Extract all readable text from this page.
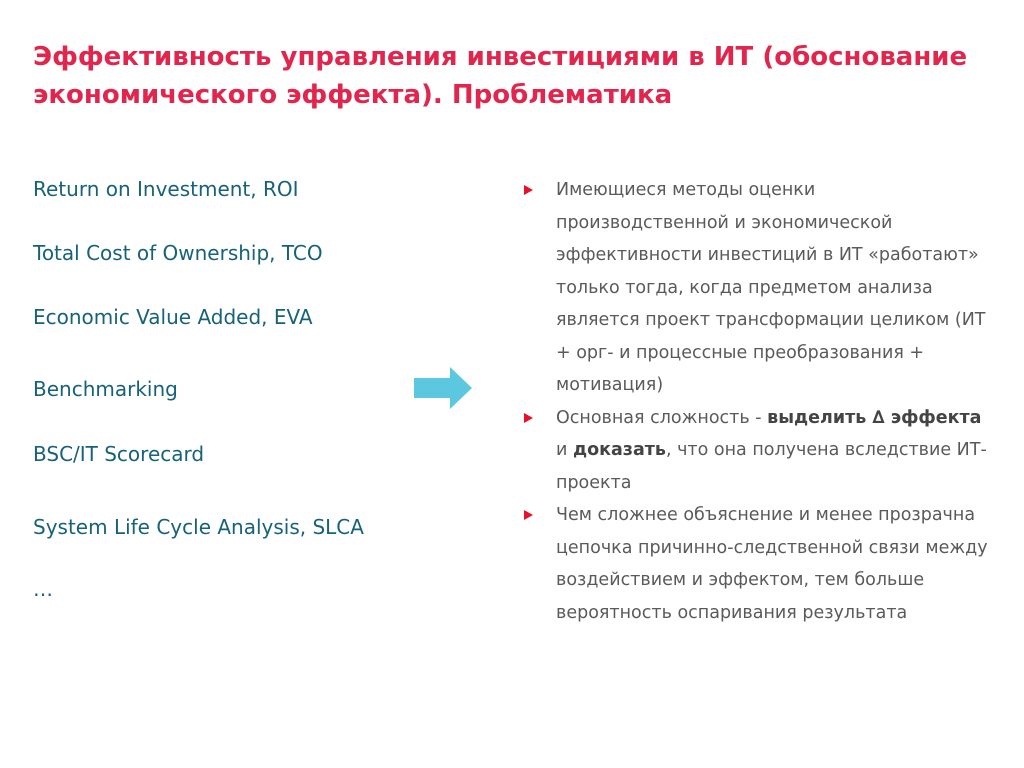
Эффективность управления инвестициями в ИТ (обоснование экономического эффекта). Проблематика
Return on Investment, ROI
Total Cost of Ownership, TCO
Economic Value Added, EVA
Benchmarking
BSC/IT Scorecard
System Life Cycle Analysis, SLCA
…
Имеющиеся методы оценки производственной и экономической эффективности инвестиций в ИТ «работают» только тогда, когда предметом анализа является проект трансформации целиком (ИТ + орг- и процессные преобразования + мотивация)
Основная сложность - выделить ∆ эффекта и доказать, что она получена вследствие ИТ-проекта
Чем сложнее объяснение и менее прозрачна цепочка причинно-следственной связи между воздействием и эффектом, тем больше вероятность оспаривания результата
